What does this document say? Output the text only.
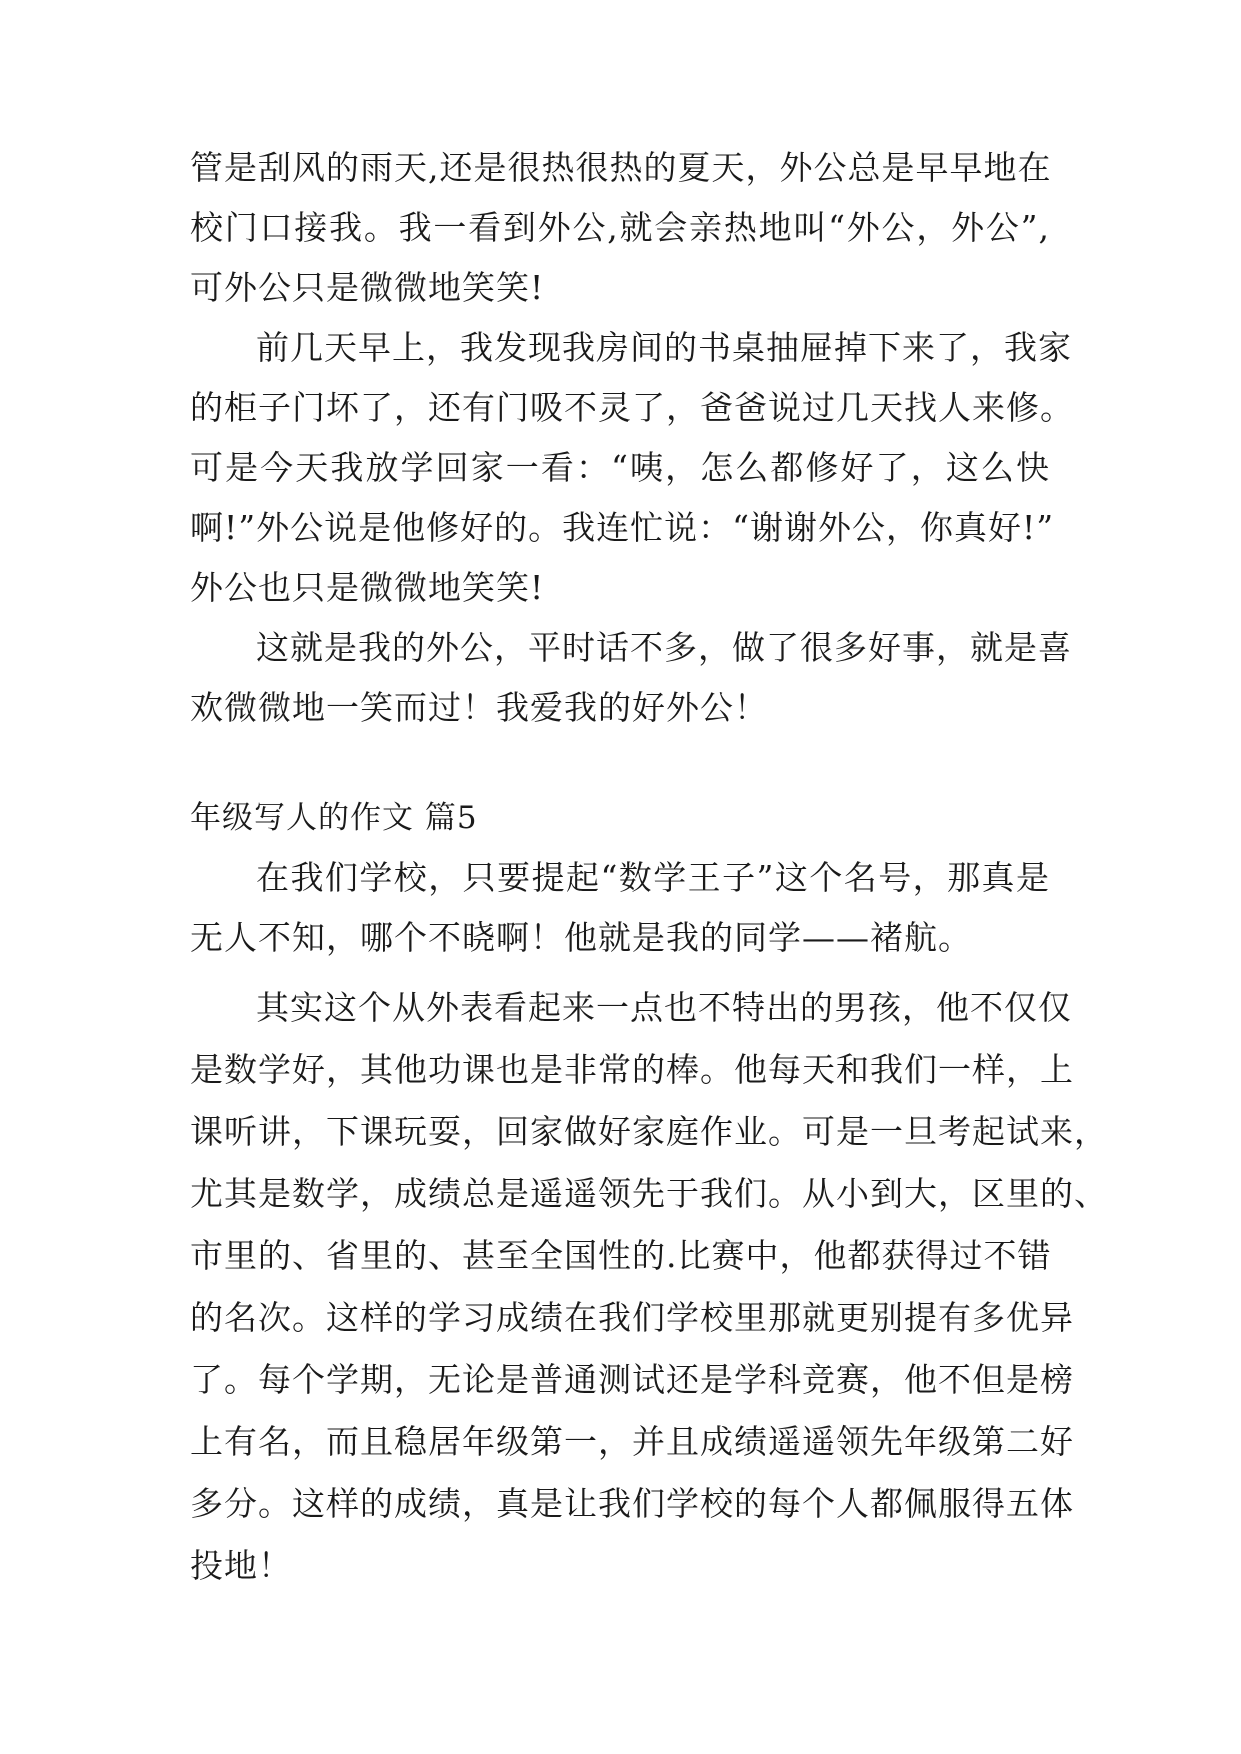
管是刮风的雨天,还是很热很热的夏天，外公总是早早地在
校门口接我。我一看到外公,就会亲热地叫“外公，外公”,
可外公只是微微地笑笑!
前几天早上，我发现我房间的书桌抽屉掉下来了，我家
的柜子门坏了，还有门吸不灵了，爸爸说过几天找人来修。
可是今天我放学回家一看：“咦，怎么都修好了，这么快
啊!”外公说是他修好的。我连忙说：“谢谢外公，你真好!”
外公也只是微微地笑笑!
这就是我的外公，平时话不多，做了很多好事，就是喜
欢微微地一笑而过！我爱我的好外公！
年级写人的作文 篇5
在我们学校，只要提起“数学王子”这个名号，那真是
无人不知，哪个不晓啊！他就是我的同学——褚航。
其实这个从外表看起来一点也不特出的男孩，他不仅仅
是数学好，其他功课也是非常的棒。他每天和我们一样，上
课听讲，下课玩耍，回家做好家庭作业。可是一旦考起试来，
尤其是数学，成绩总是遥遥领先于我们。从小到大，区里的、
市里的、省里的、甚至全国性的.比赛中，他都获得过不错
的名次。这样的学习成绩在我们学校里那就更别提有多优异
了。每个学期，无论是普通测试还是学科竞赛，他不但是榜
上有名，而且稳居年级第一，并且成绩遥遥领先年级第二好
多分。这样的成绩，真是让我们学校的每个人都佩服得五体
投地！
